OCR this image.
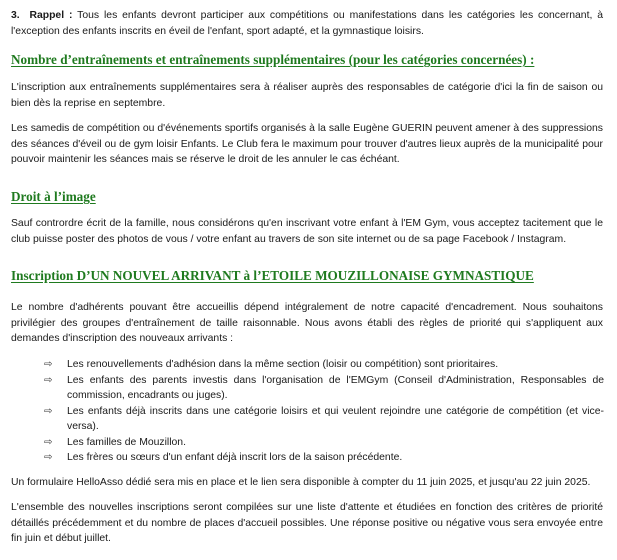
3. Rappel : Tous les enfants devront participer aux compétitions ou manifestations dans les catégories les concernant, à l'exception des enfants inscrits en éveil de l'enfant, sport adapté, et la gymnastique loisirs.

Nombre d’entraînements et entraînements supplémentaires (pour les catégories concernées) :

L'inscription aux entraînements supplémentaires sera à réaliser auprès des responsables de catégorie d'ici la fin de saison ou bien dès la reprise en septembre.

Les samedis de compétition ou d'événements sportifs organisés à la salle Eugène GUERIN peuvent amener à des suppressions des séances d'éveil ou de gym loisir Enfants. Le Club fera le maximum pour trouver d'autres lieux auprès de la municipalité pour pouvoir maintenir les séances mais se réserve le droit de les annuler le cas échéant.

Droit à l’image

Sauf contrordre écrit de la famille, nous considérons qu'en inscrivant votre enfant à l'EM Gym, vous acceptez tacitement que le club puisse poster des photos de vous / votre enfant au travers de son site internet ou de sa page Facebook / Instagram.

Inscription D’UN NOUVEL ARRIVANT à l’ETOILE MOUZILLONAISE GYMNASTIQUE

Le nombre d'adhérents pouvant être accueillis dépend intégralement de notre capacité d'encadrement. Nous souhaitons privilégier des groupes d'entraînement de taille raisonnable. Nous avons établi des règles de priorité qui s'appliquent aux demandes d'inscription des nouveaux arrivants :

⇨ Les renouvellements d'adhésion dans la même section (loisir ou compétition) sont prioritaires.
⇨ Les enfants des parents investis dans l'organisation de l'EMGym (Conseil d'Administration, Responsables de commission, encadrants ou juges).
⇨ Les enfants déjà inscrits dans une catégorie loisirs et qui veulent rejoindre une catégorie de compétition (et vice-versa).
⇨ Les familles de Mouzillon.
⇨ Les frères ou sœurs d'un enfant déjà inscrit lors de la saison précédente.

Un formulaire HelloAsso dédié sera mis en place et le lien sera disponible à compter du 11 juin 2025, et jusqu'au 22 juin 2025.

L'ensemble des nouvelles inscriptions seront compilées sur une liste d'attente et étudiées en fonction des critères de priorité détaillés précédemment et du nombre de places d'accueil possibles. Une réponse positive ou négative vous sera envoyée entre fin juin et début juillet.
